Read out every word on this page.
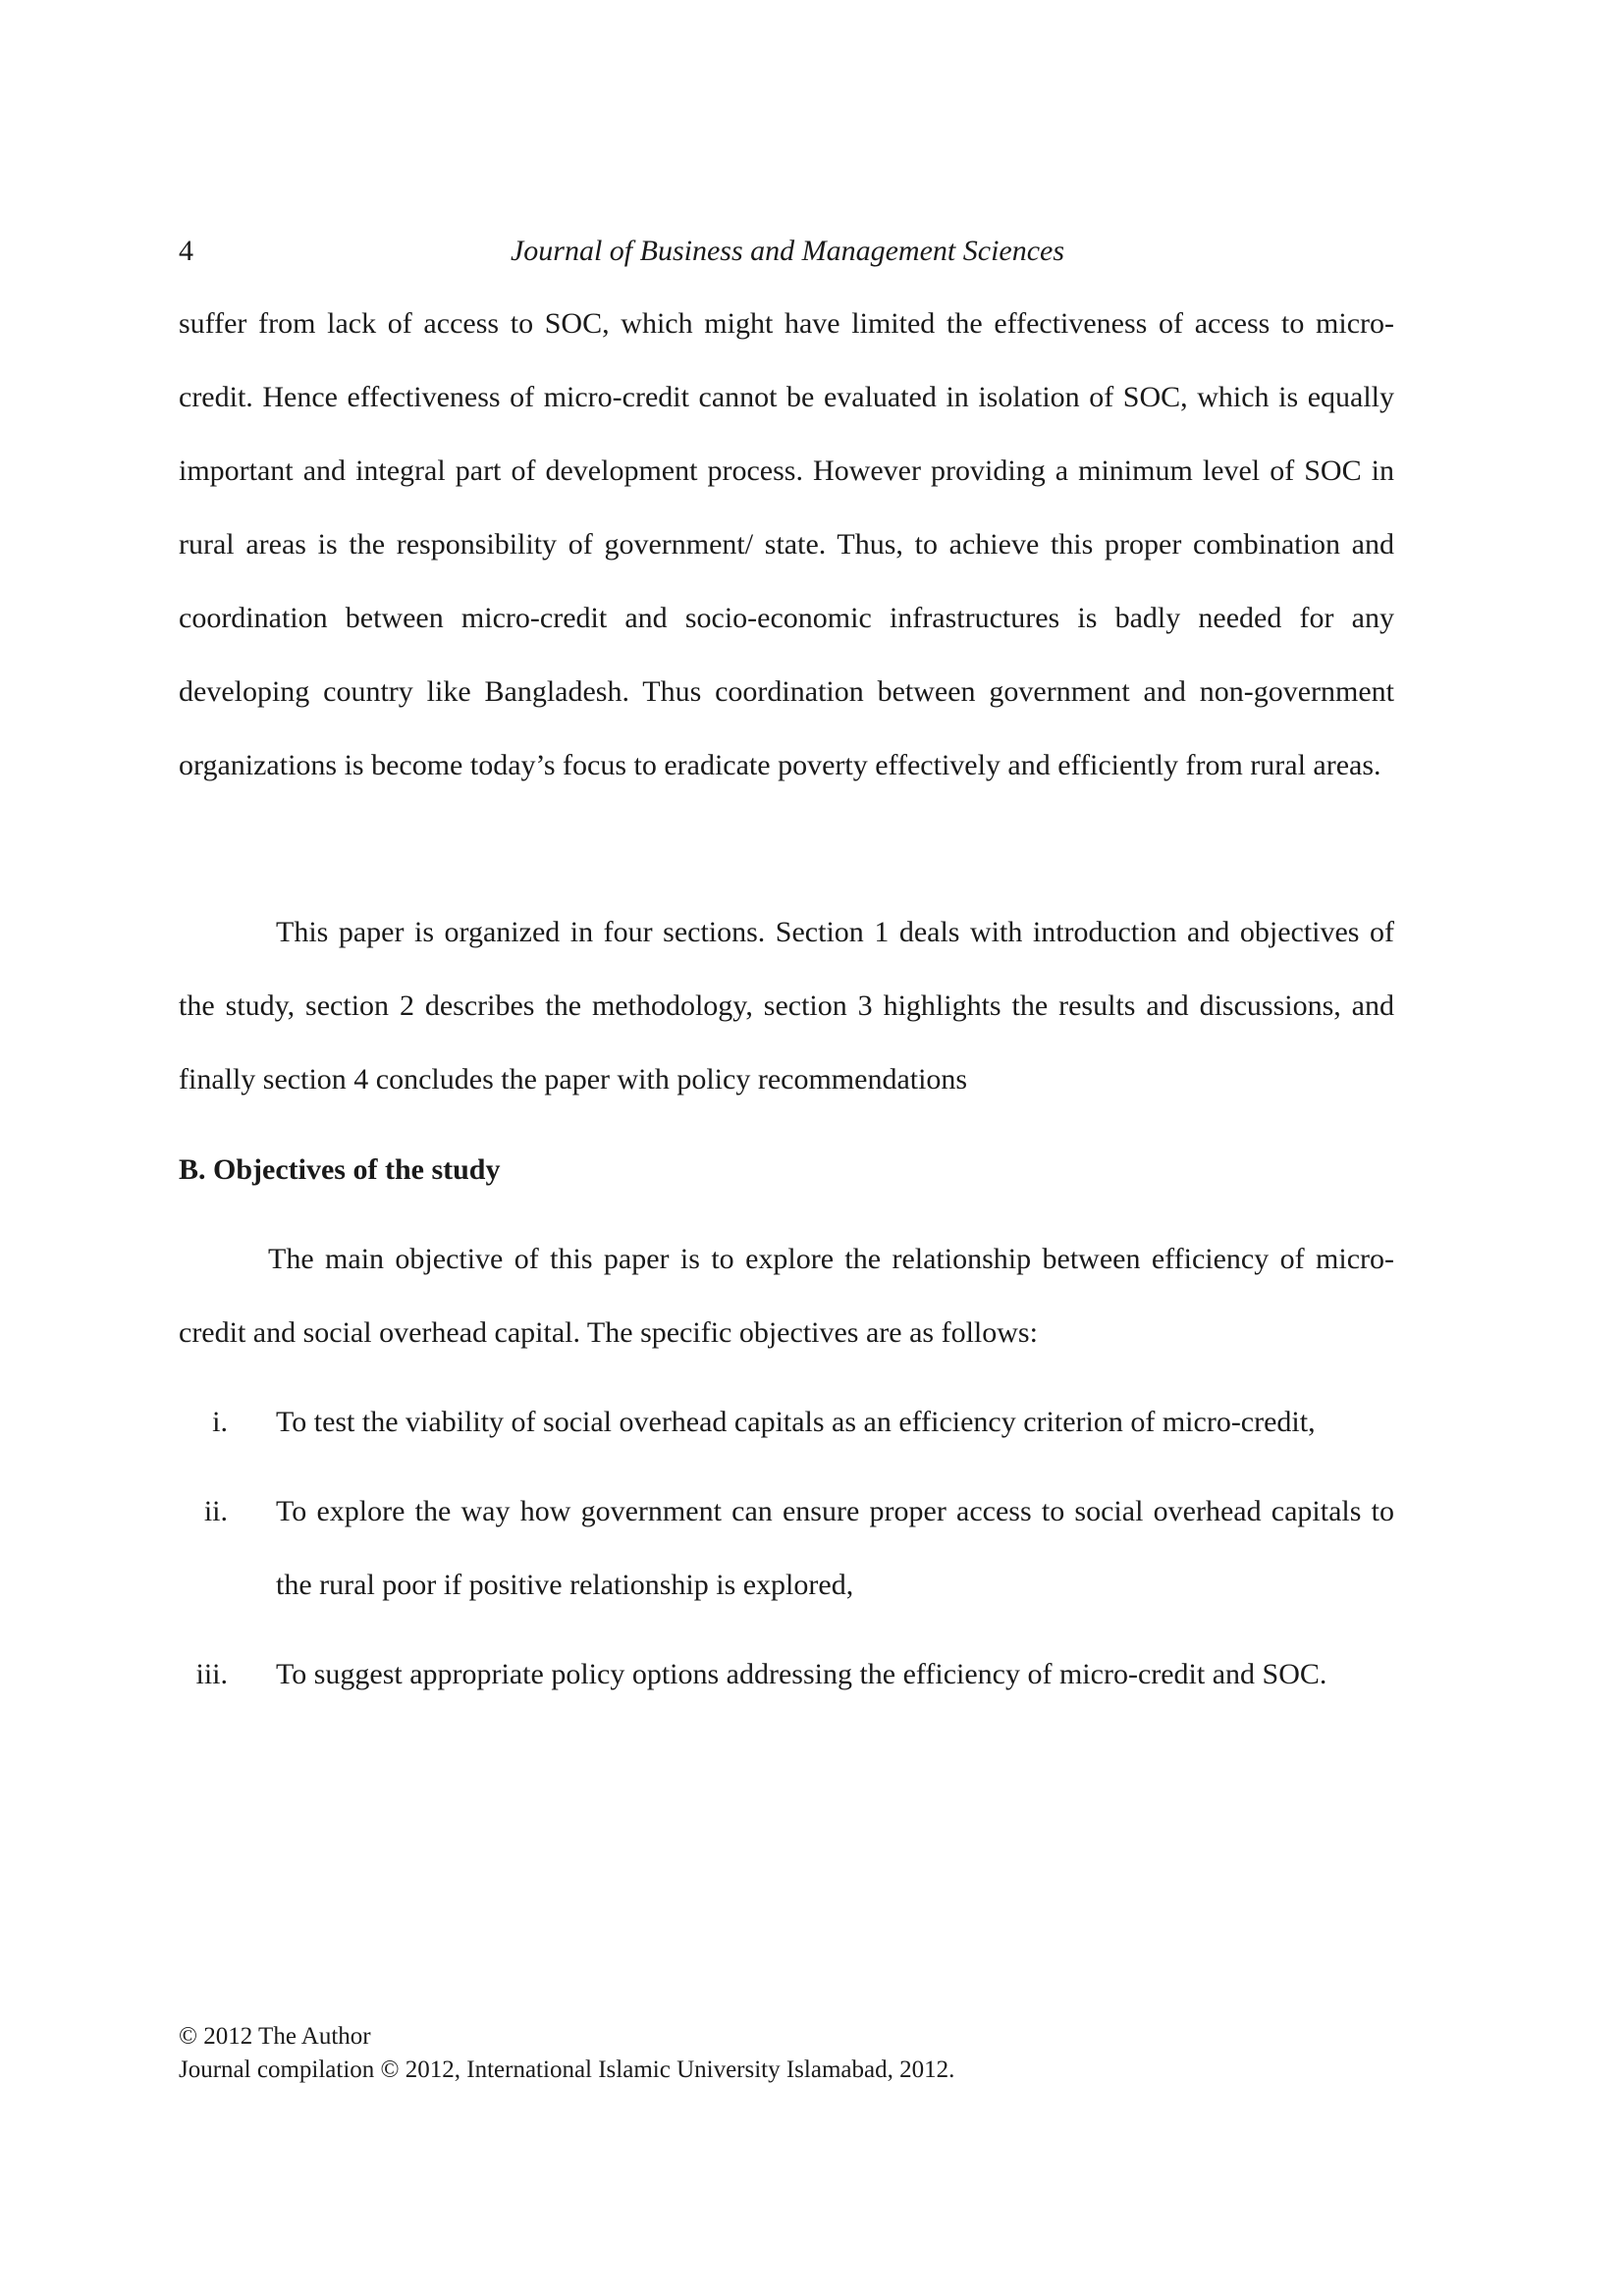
4	Journal of Business and Management Sciences

suffer from lack of access to SOC, which might have limited the effectiveness of access to micro-credit. Hence effectiveness of micro-credit cannot be evaluated in isolation of SOC, which is equally important and integral part of development process. However providing a minimum level of SOC in rural areas is the responsibility of government/ state. Thus, to achieve this proper combination and coordination between micro-credit and socio-economic infrastructures is badly needed for any developing country like Bangladesh. Thus coordination between government and non-government organizations is become today’s focus to eradicate poverty effectively and efficiently from rural areas.

This paper is organized in four sections. Section 1 deals with introduction and objectives of the study, section 2 describes the methodology, section 3 highlights the results and discussions, and finally section 4 concludes the paper with policy recommendations

B. Objectives of the study

The main objective of this paper is to explore the relationship between efficiency of micro-credit and social overhead capital. The specific objectives are as follows:

i. To test the viability of social overhead capitals as an efficiency criterion of micro-credit,
ii. To explore the way how government can ensure proper access to social overhead capitals to the rural poor if positive relationship is explored,
iii. To suggest appropriate policy options addressing the efficiency of micro-credit and SOC.
© 2012 The Author
Journal compilation © 2012, International Islamic University Islamabad, 2012.
